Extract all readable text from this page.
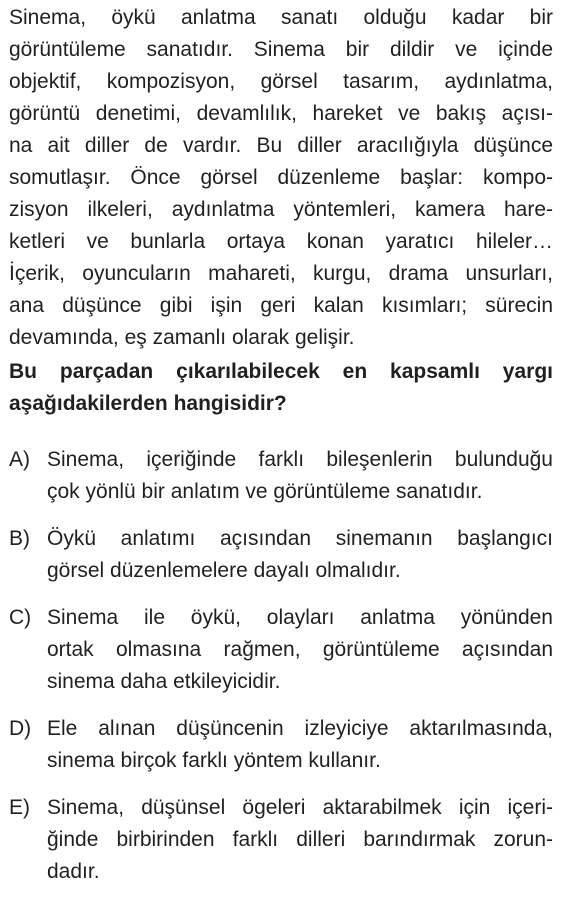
Sinema, öykü anlatma sanatı olduğu kadar bir
görüntüleme sanatıdır. Sinema bir dildir ve içinde
objektif, kompozisyon, görsel tasarım, aydınlatma,
görüntü denetimi, devamlılık, hareket ve bakış açısı-
na ait diller de vardır. Bu diller aracılığıyla düşünce
somutlaşır. Önce görsel düzenleme başlar: kompo-
zisyon ilkeleri, aydınlatma yöntemleri, kamera hare-
ketleri ve bunlarla ortaya konan yaratıcı hileler…
İçerik, oyuncuların mahareti, kurgu, drama unsurları,
ana düşünce gibi işin geri kalan kısımları; sürecin
devamında, eş zamanlı olarak gelişir.
Bu parçadan çıkarılabilecek en kapsamlı yargı
aşağıdakilerden hangisidir?
A) Sinema, içeriğinde farklı bileşenlerin bulunduğu
çok yönlü bir anlatım ve görüntüleme sanatıdır.
B) Öykü anlatımı açısından sinemanın başlangıcı
görsel düzenlemelere dayalı olmalıdır.
C) Sinema ile öykü, olayları anlatma yönünden
ortak olmasına rağmen, görüntüleme açısından
sinema daha etkileyicidir.
D) Ele alınan düşüncenin izleyiciye aktarılmasında,
sinema birçok farklı yöntem kullanır.
E) Sinema, düşünsel ögeleri aktarabilmek için içeri-
ğinde birbirinden farklı dilleri barındırmak zorun-
dadır.
